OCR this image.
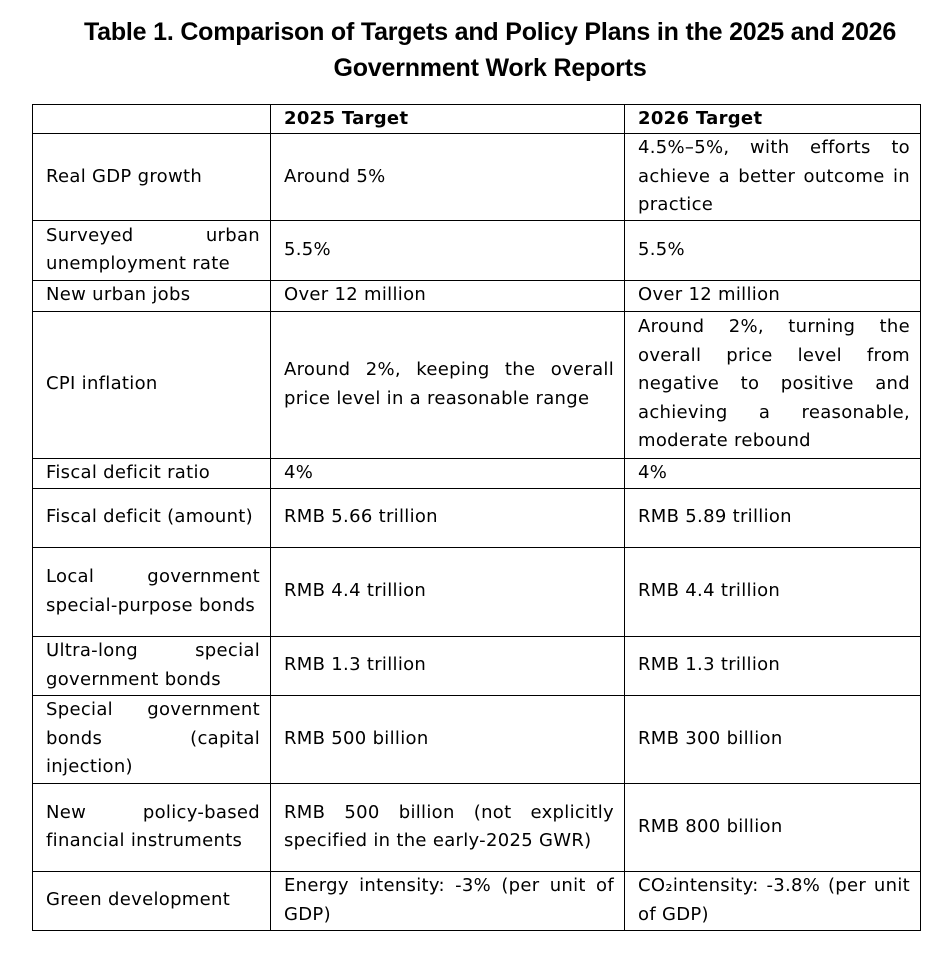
Table 1. Comparison of Targets and Policy Plans in the 2025 and 2026 Government Work Reports
	2025 Target	2026 Target
Real GDP growth	Around 5%	4.5%–5%, with efforts to achieve a better outcome in practice
Surveyed urban unemployment rate	5.5%	5.5%
New urban jobs	Over 12 million	Over 12 million
CPI inflation	Around 2%, keeping the overall price level in a reasonable range	Around 2%, turning the overall price level from negative to positive and achieving a reasonable, moderate rebound
Fiscal deficit ratio	4%	4%
Fiscal deficit (amount)	RMB 5.66 trillion	RMB 5.89 trillion
Local government special-purpose bonds	RMB 4.4 trillion	RMB 4.4 trillion
Ultra-long special government bonds	RMB 1.3 trillion	RMB 1.3 trillion
Special government bonds (capital injection)	RMB 500 billion	RMB 300 billion
New policy-based financial instruments	RMB 500 billion (not explicitly specified in the early-2025 GWR)	RMB 800 billion
Green development	Energy intensity: -3% (per unit of GDP)	CO₂intensity: -3.8% (per unit of GDP)
